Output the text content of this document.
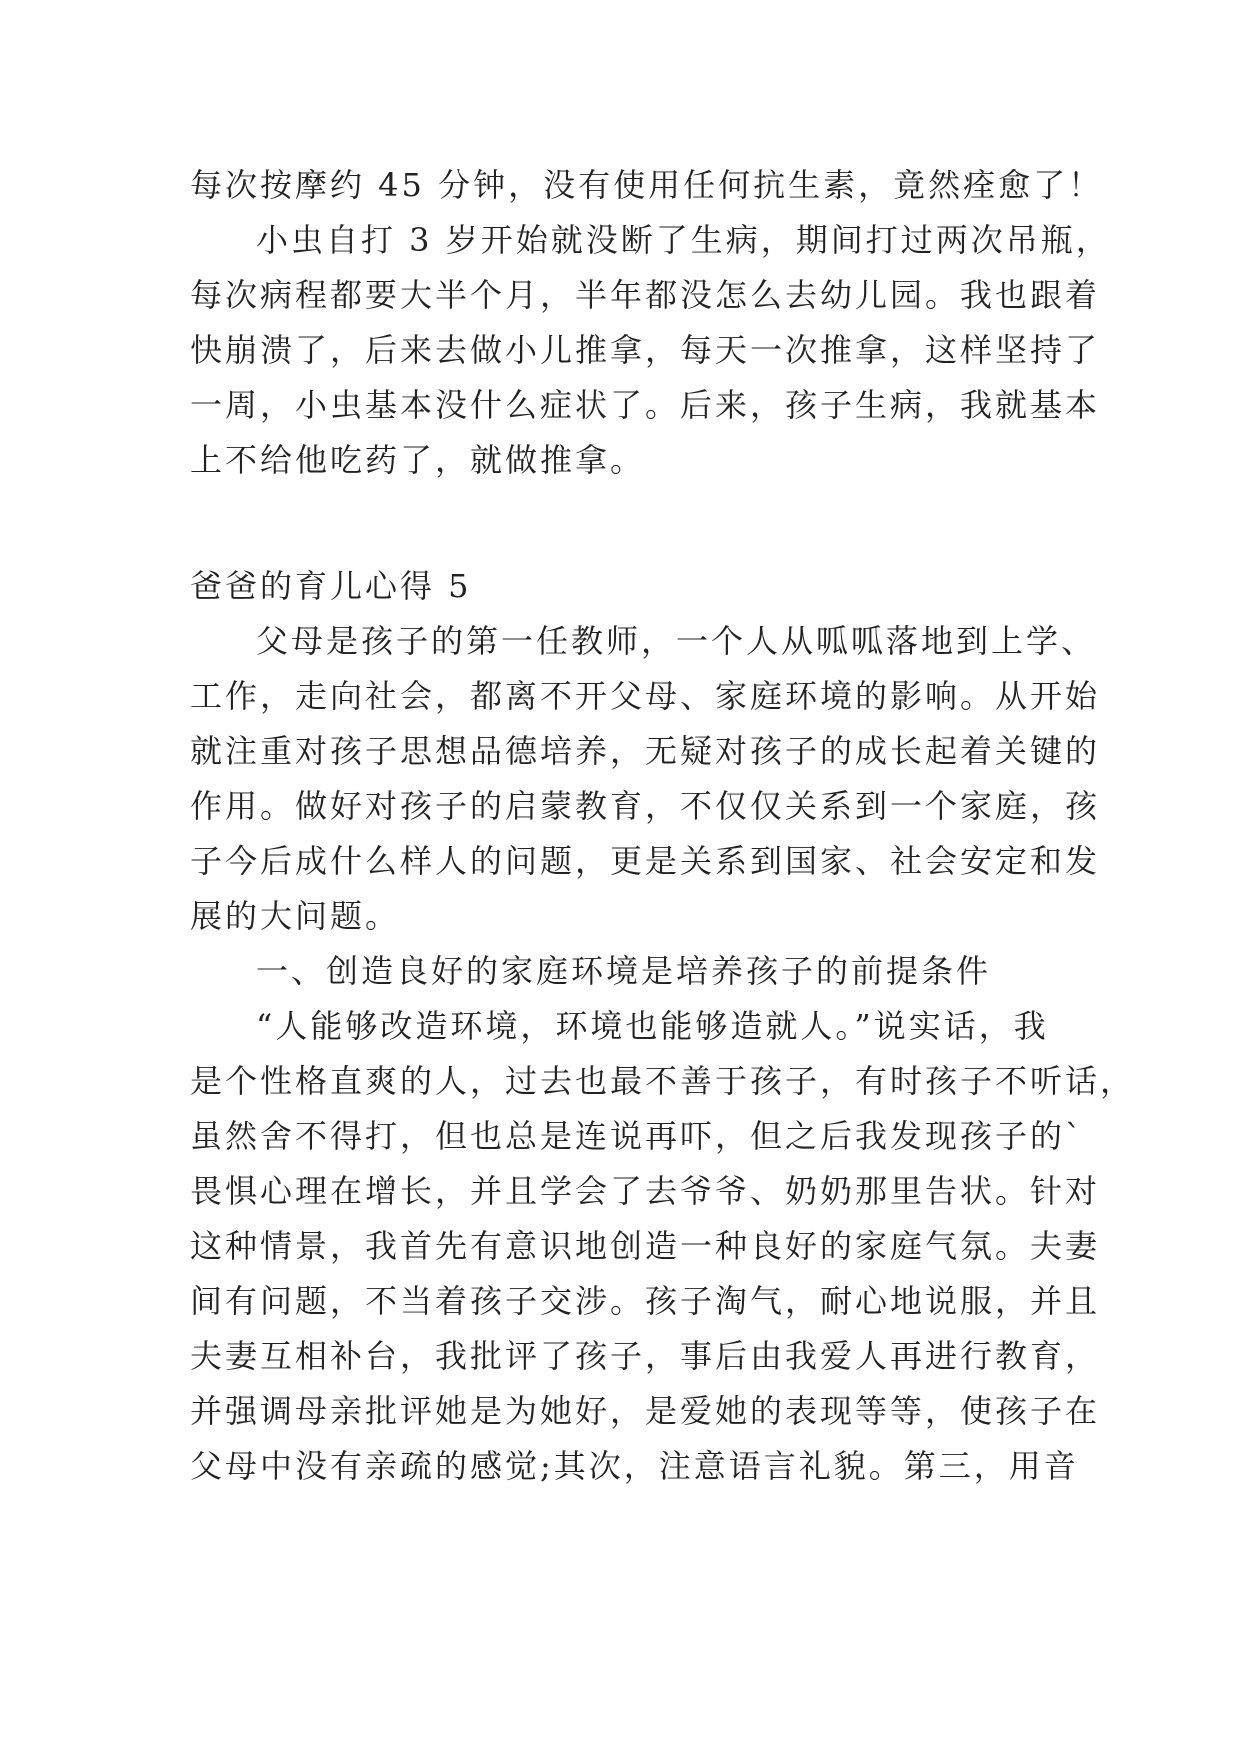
每次按摩约 45 分钟，没有使用任何抗生素，竟然痊愈了！
小虫自打 3 岁开始就没断了生病，期间打过两次吊瓶，
每次病程都要大半个月，半年都没怎么去幼儿园。我也跟着
快崩溃了，后来去做小儿推拿，每天一次推拿，这样坚持了
一周，小虫基本没什么症状了。后来，孩子生病，我就基本
上不给他吃药了，就做推拿。
爸爸的育儿心得 5
父母是孩子的第一任教师，一个人从呱呱落地到上学、
工作，走向社会，都离不开父母、家庭环境的影响。从开始
就注重对孩子思想品德培养，无疑对孩子的成长起着关键的
作用。做好对孩子的启蒙教育，不仅仅关系到一个家庭，孩
子今后成什么样人的问题，更是关系到国家、社会安定和发
展的大问题。
一、创造良好的家庭环境是培养孩子的前提条件
“人能够改造环境，环境也能够造就人。”说实话，我
是个性格直爽的人，过去也最不善于孩子，有时孩子不听话，
虽然舍不得打，但也总是连说再吓，但之后我发现孩子的`
畏惧心理在增长，并且学会了去爷爷、奶奶那里告状。针对
这种情景，我首先有意识地创造一种良好的家庭气氛。夫妻
间有问题，不当着孩子交涉。孩子淘气，耐心地说服，并且
夫妻互相补台，我批评了孩子，事后由我爱人再进行教育，
并强调母亲批评她是为她好，是爱她的表现等等，使孩子在
父母中没有亲疏的感觉;其次，注意语言礼貌。第三，用音
